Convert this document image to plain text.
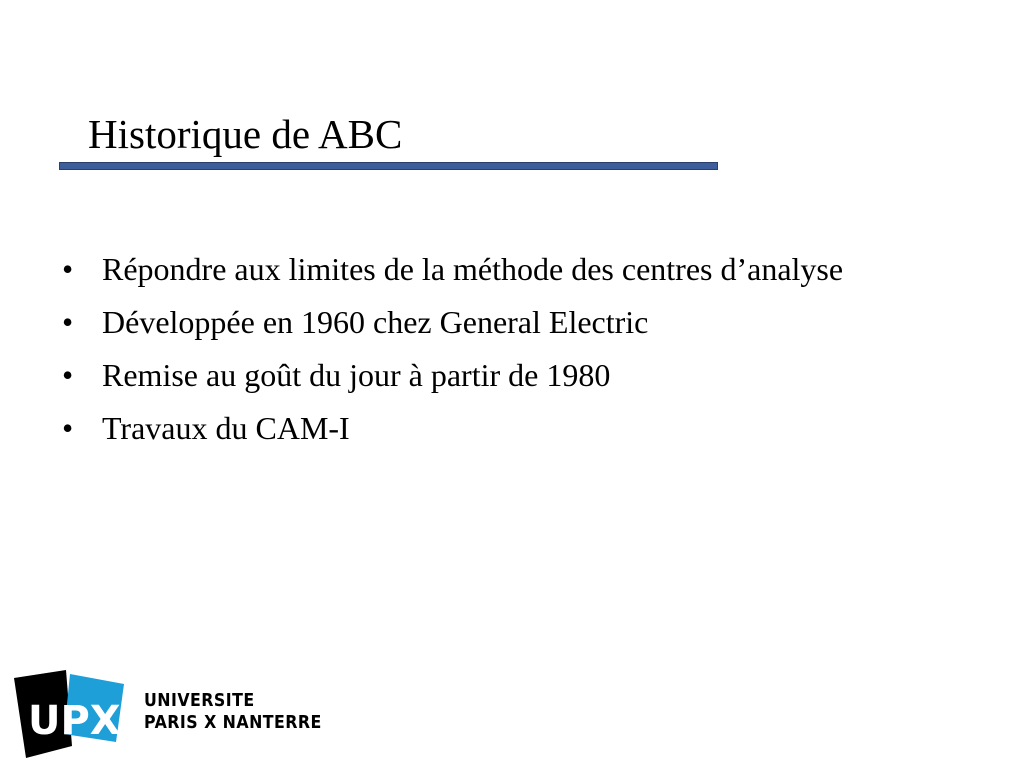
Historique de ABC
• Répondre aux limites de la méthode des centres d’analyse
• Développée en 1960 chez General Electric
• Remise au goût du jour à partir de 1980
• Travaux du CAM-I
UPX UNIVERSITE
PARIS X NANTERRE
